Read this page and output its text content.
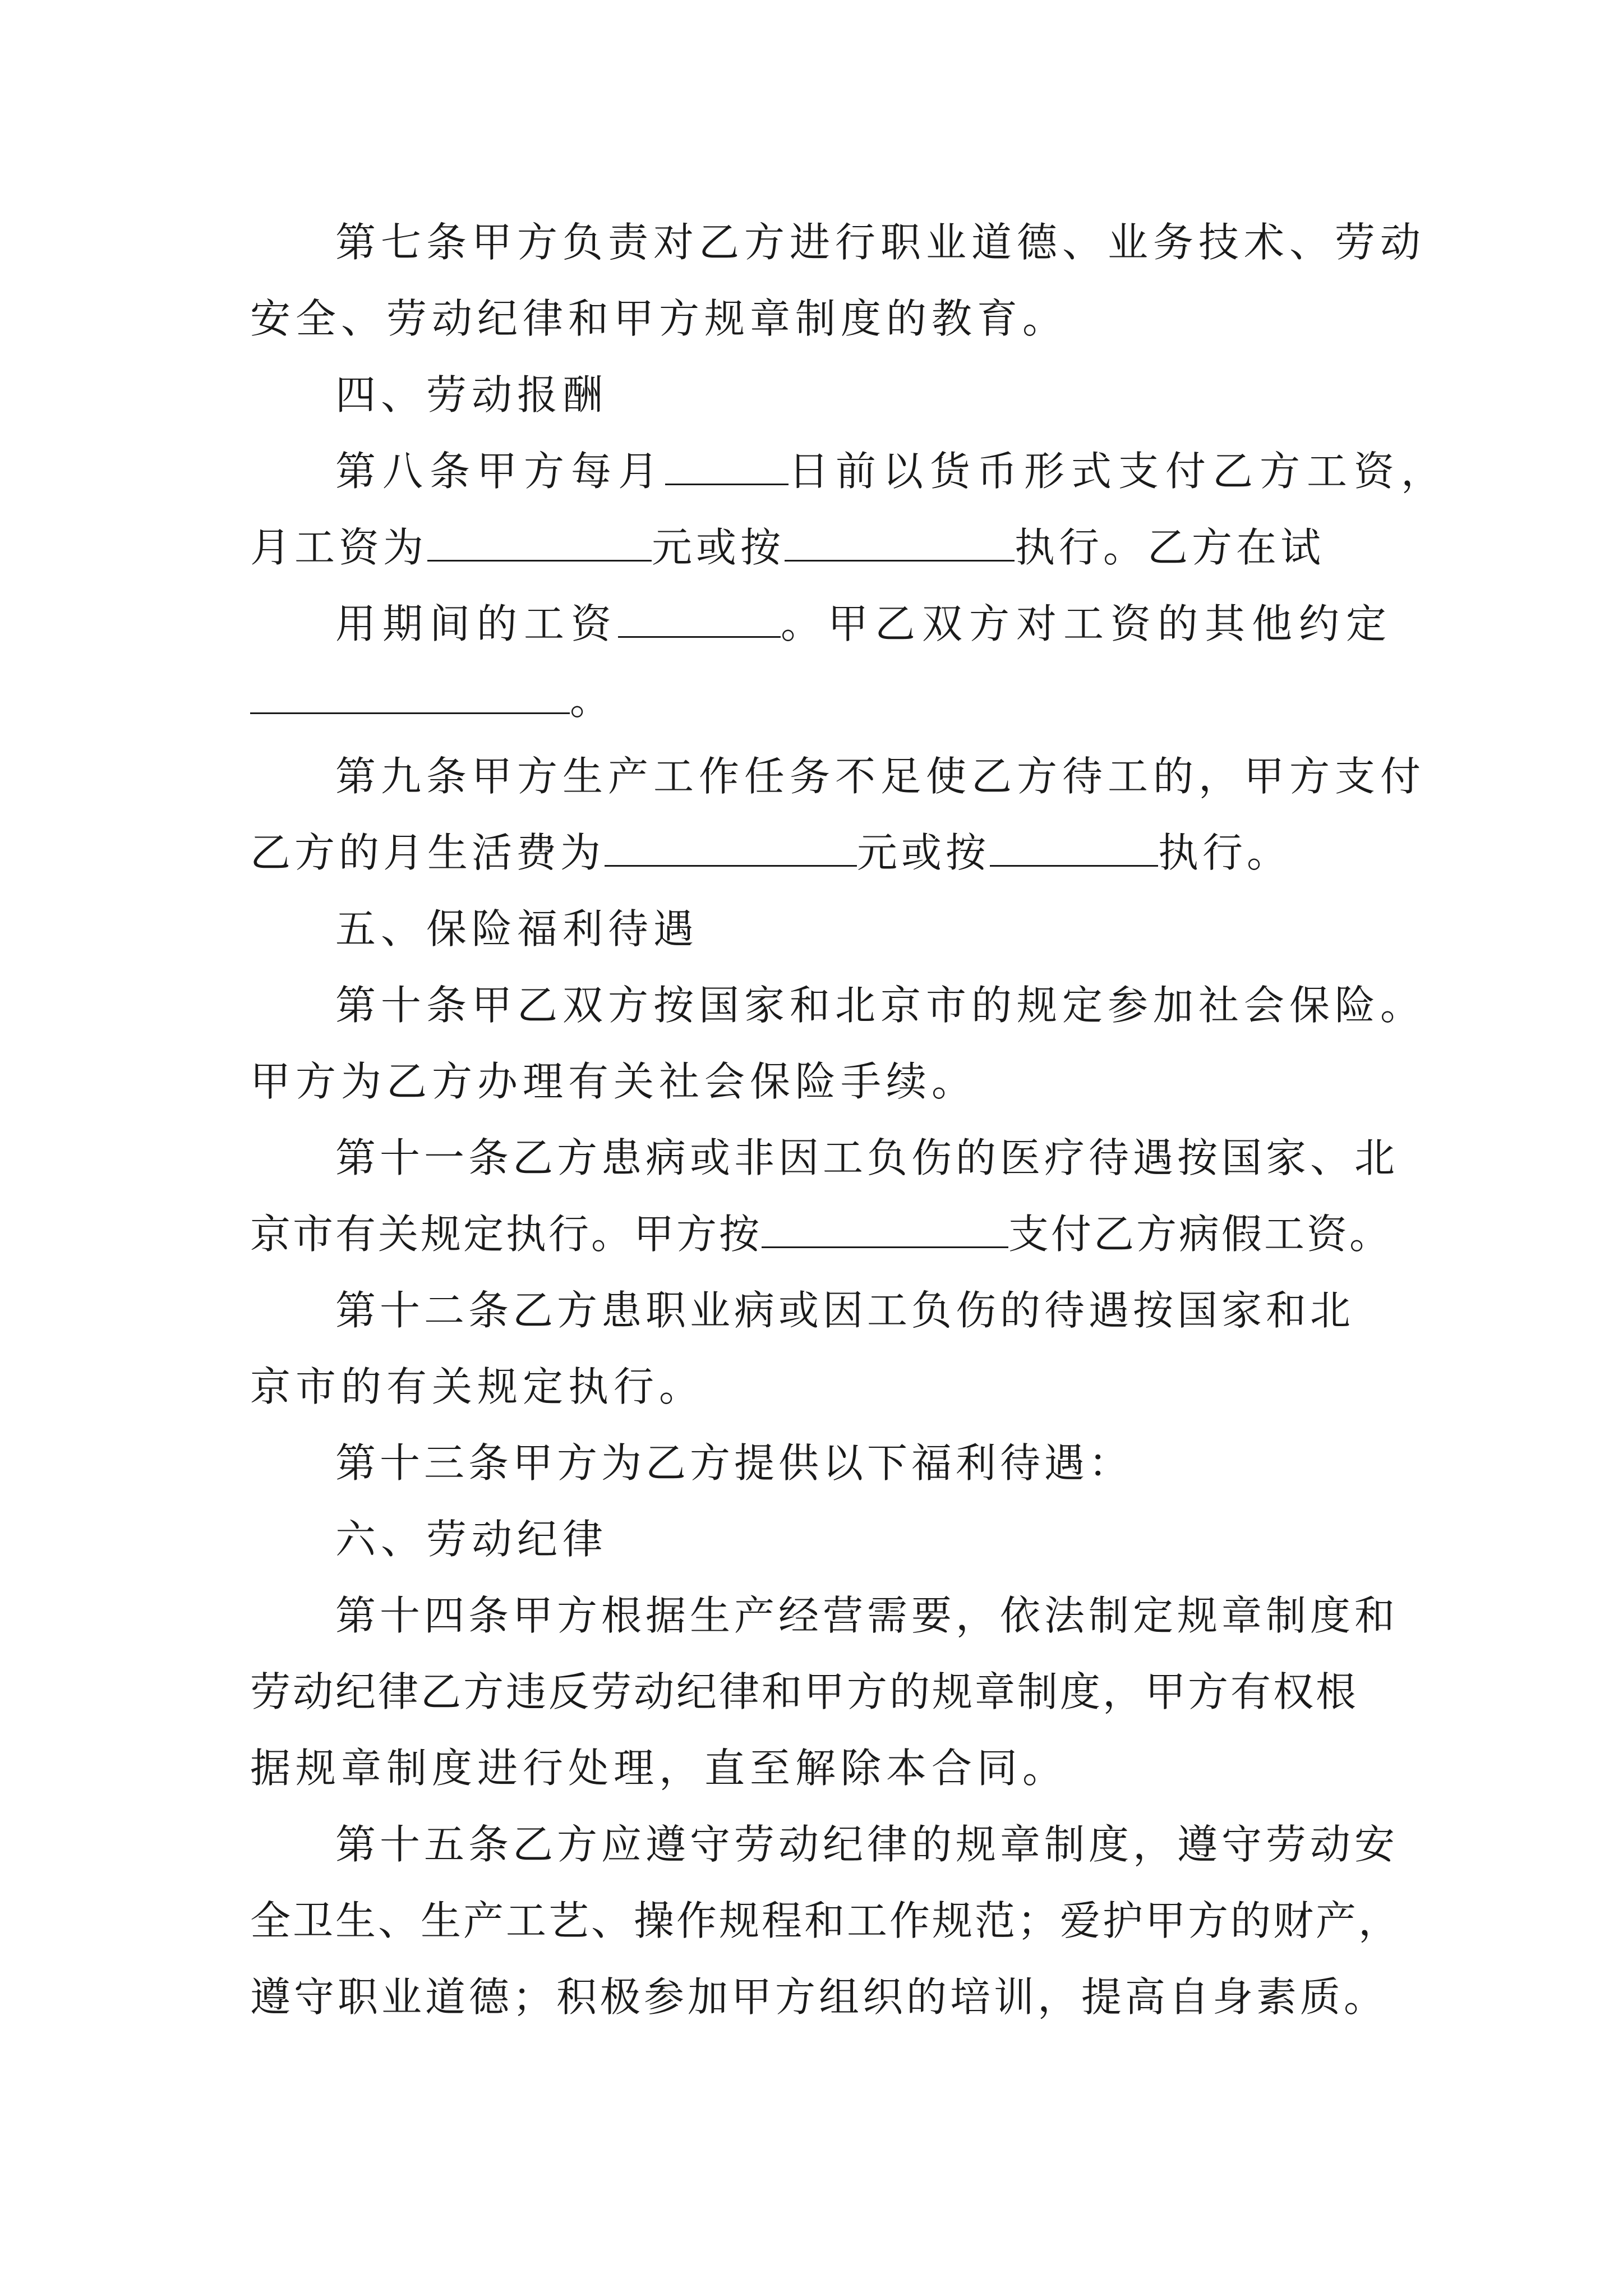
第七条甲方负责对乙方进行职业道德、业务技术、劳动
安全、劳动纪律和甲方规章制度的教育。
四、劳动报酬
第八条甲方每月	日前以货币形式支付乙方工资，
月工资为	元或按	执行。乙方在试
用期间的工资	。甲乙双方对工资的其他约定
。
第九条甲方生产工作任务不足使乙方待工的，甲方支付
乙方的月生活费为	元或按	执行。
五、保险福利待遇
第十条甲乙双方按国家和北京市的规定参加社会保险。
甲方为乙方办理有关社会保险手续。
第十一条乙方患病或非因工负伤的医疗待遇按国家、北
京市有关规定执行。甲方按	支付乙方病假工资。
第十二条乙方患职业病或因工负伤的待遇按国家和北
京市的有关规定执行。
第十三条甲方为乙方提供以下福利待遇：
六、劳动纪律
第十四条甲方根据生产经营需要，依法制定规章制度和
劳动纪律乙方违反劳动纪律和甲方的规章制度，甲方有权根
据规章制度进行处理，直至解除本合同。
第十五条乙方应遵守劳动纪律的规章制度，遵守劳动安
全卫生、生产工艺、操作规程和工作规范；爱护甲方的财产，
遵守职业道德；积极参加甲方组织的培训，提高自身素质。
